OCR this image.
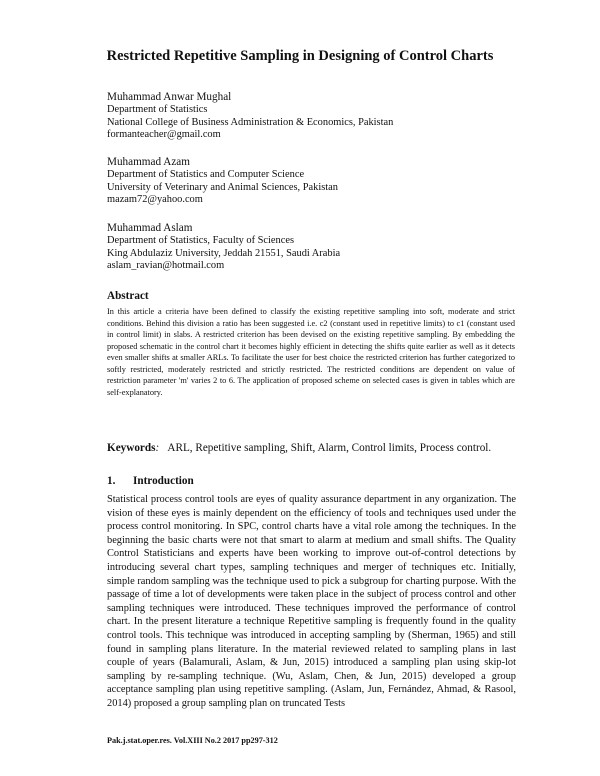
Restricted Repetitive Sampling in Designing of Control Charts
Muhammad Anwar Mughal
Department of Statistics
National College of Business Administration & Economics, Pakistan
formanteacher@gmail.com
Muhammad Azam
Department of Statistics and Computer Science
University of Veterinary and Animal Sciences, Pakistan
mazam72@yahoo.com
Muhammad Aslam
Department of Statistics, Faculty of Sciences
King Abdulaziz University, Jeddah 21551, Saudi Arabia
aslam_ravian@hotmail.com
Abstract

In this article a criteria have been defined to classify the existing repetitive sampling into soft, moderate and strict conditions. Behind this division a ratio has been suggested i.e. c2 (constant used in repetitive limits) to c1 (constant used in control limit) in slabs. A restricted criterion has been devised on the existing repetitive sampling. By embedding the proposed schematic in the control chart it becomes highly efficient in detecting the shifts quite earlier as well as it detects even smaller shifts at smaller ARLs. To facilitate the user for best choice the restricted criterion has further categorized to softly restricted, moderately restricted and strictly restricted. The restricted conditions are dependent on value of restriction parameter 'm' varies 2 to 6. The application of proposed scheme on selected cases is given in tables which are self-explanatory.

Keywords: ARL, Repetitive sampling, Shift, Alarm, Control limits, Process control.

1. Introduction

Statistical process control tools are eyes of quality assurance department in any organization. The vision of these eyes is mainly dependent on the efficiency of tools and techniques used under the process control monitoring. In SPC, control charts have a vital role among the techniques. In the beginning the basic charts were not that smart to alarm at medium and small shifts. The Quality Control Statisticians and experts have been working to improve out-of-control detections by introducing several chart types, sampling techniques and merger of techniques etc. Initially, simple random sampling was the technique used to pick a subgroup for charting purpose. With the passage of time a lot of developments were taken place in the subject of process control and other sampling techniques were introduced. These techniques improved the performance of control chart. In the present literature a technique Repetitive sampling is frequently found in the quality control tools. This technique was introduced in accepting sampling by (Sherman, 1965) and still found in sampling plans literature. In the material reviewed related to sampling plans in last couple of years (Balamurali, Aslam, & Jun, 2015) introduced a sampling plan using skip-lot sampling by re-sampling technique. (Wu, Aslam, Chen, & Jun, 2015) developed a group acceptance sampling plan using repetitive sampling. (Aslam, Jun, Fernández, Ahmad, & Rasool, 2014) proposed a group sampling plan on truncated Tests

Pak.j.stat.oper.res. Vol.XIII No.2 2017 pp297-312
